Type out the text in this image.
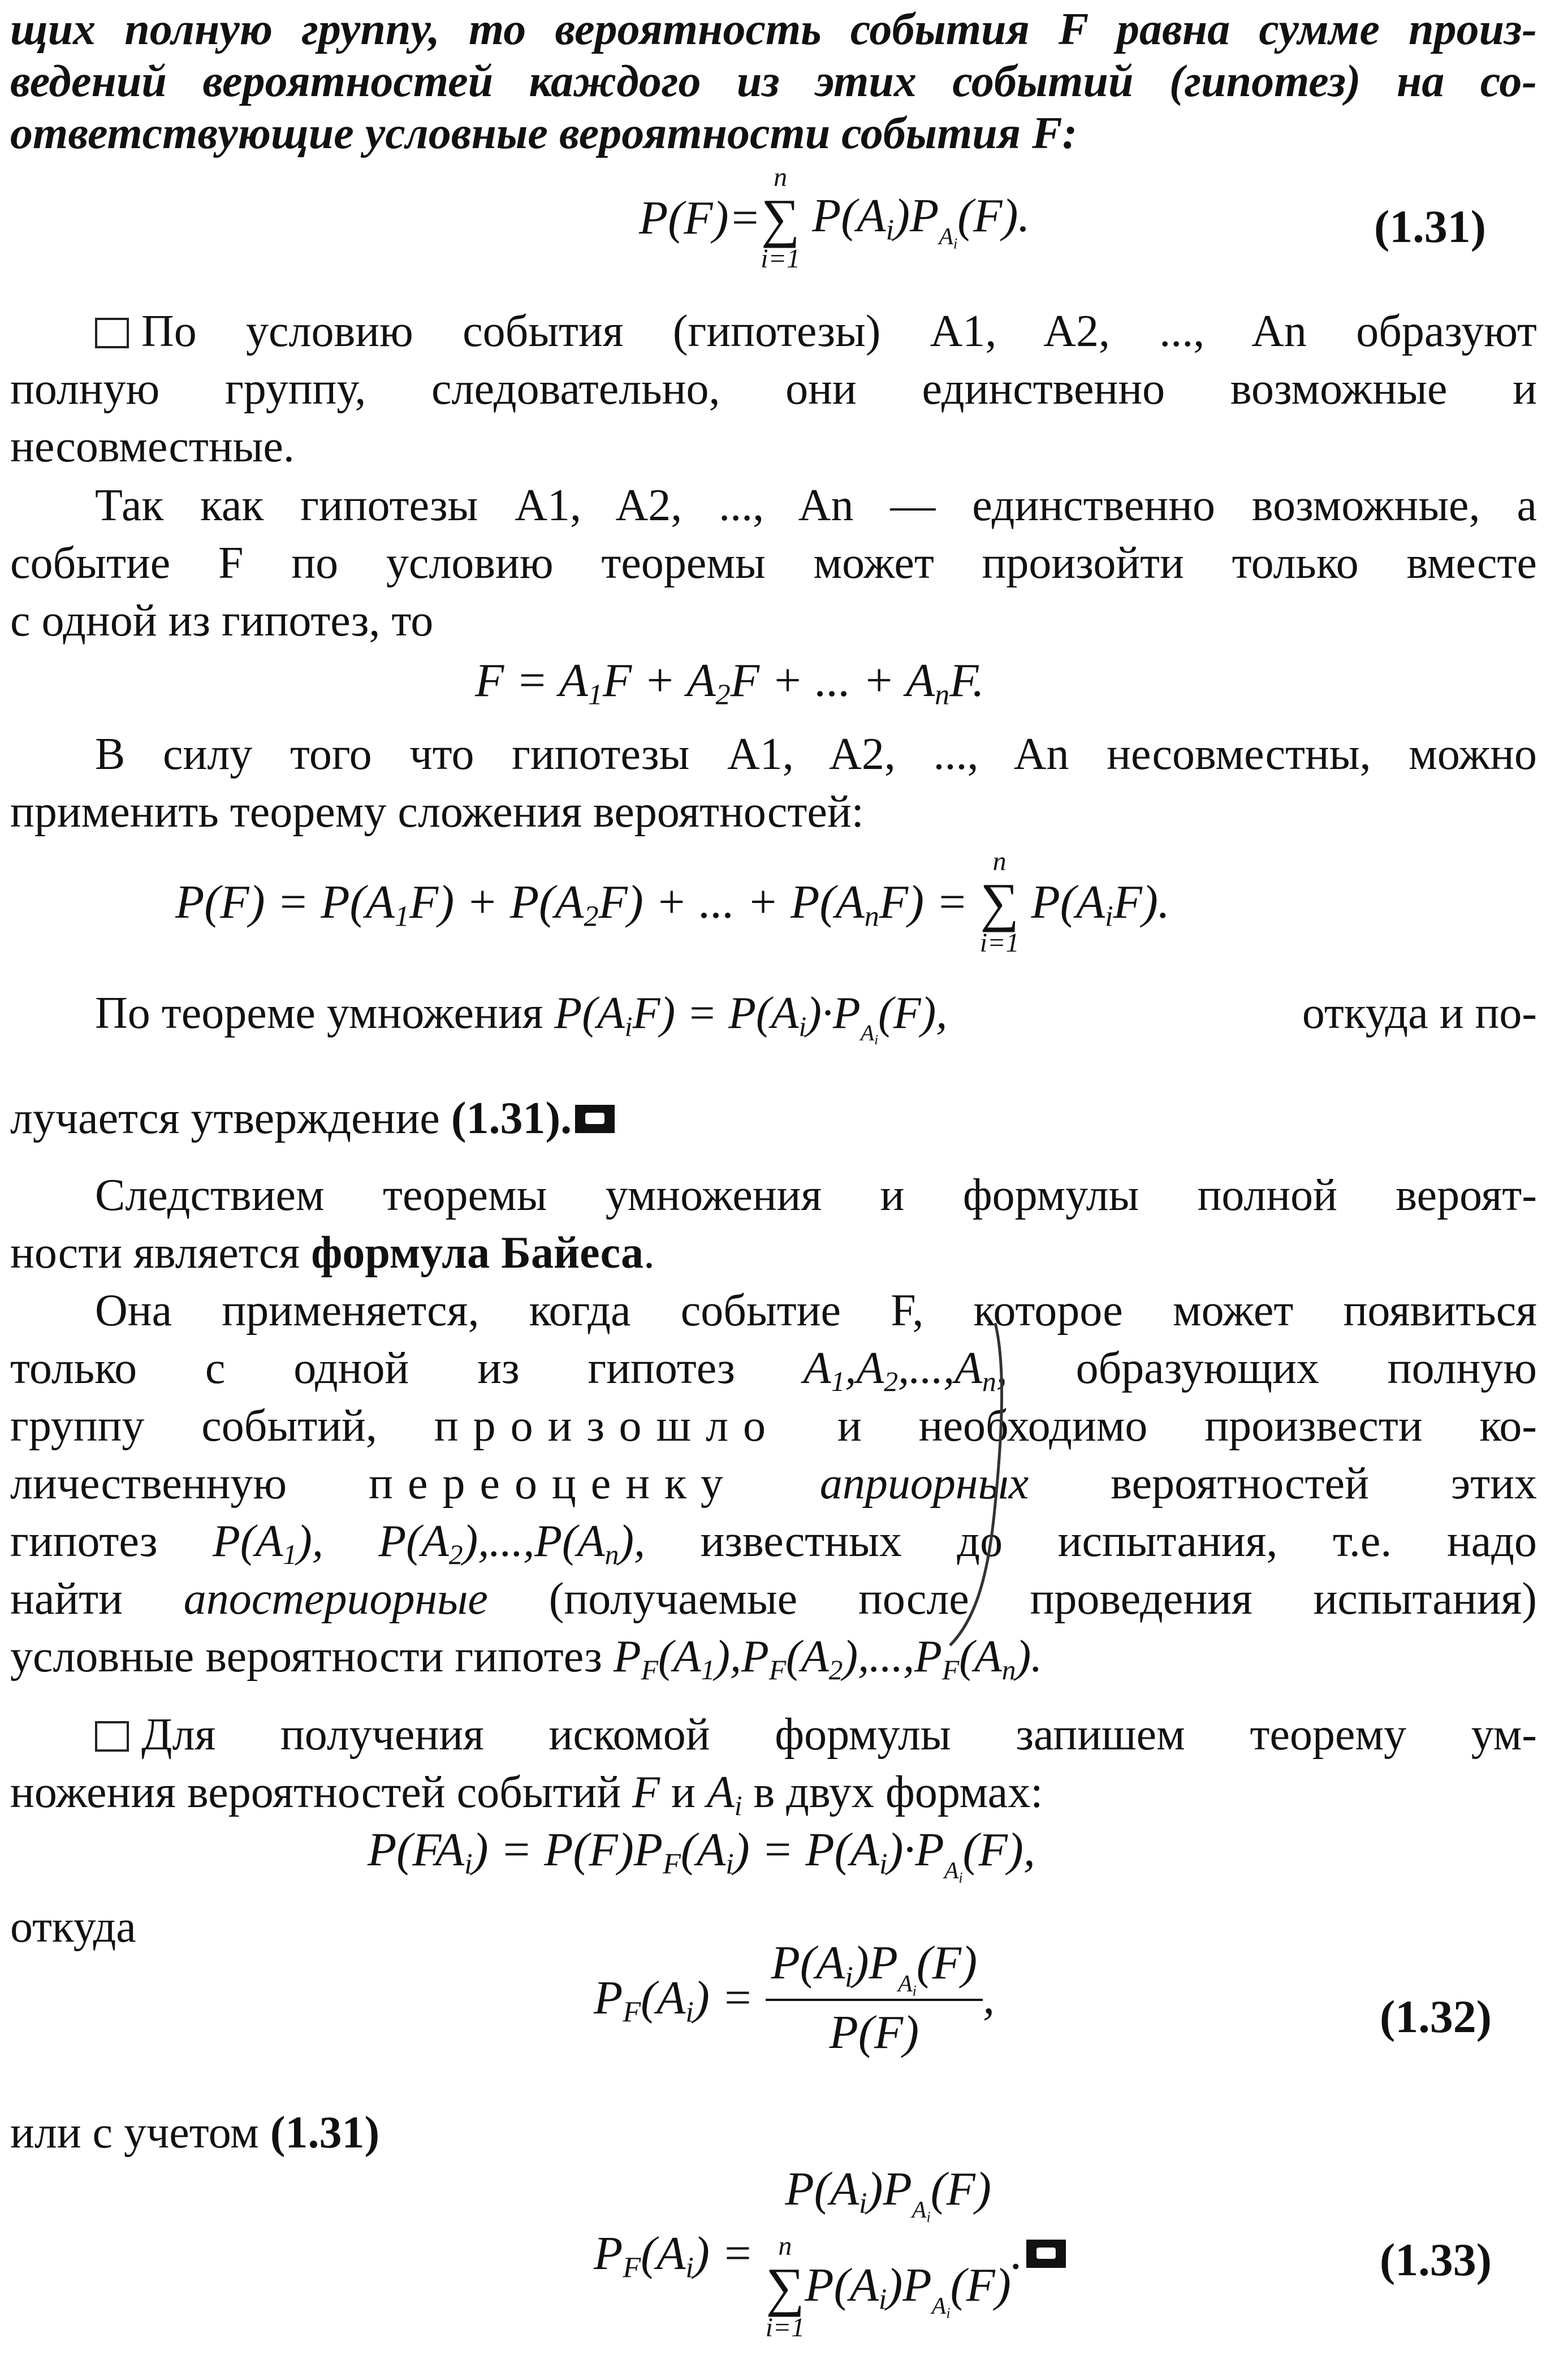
щих полную группу, то вероятность события F равна сумме произ-
ведений вероятностей каждого из этих событий (гипотез) на со-
ответствующие условные вероятности события F:
P(F)=
n
∑
i=1
$P(A_i)P_{A_i}(F)$.	(1.31)
По условию события (гипотезы) A1, A2, ..., An образуют
полную группу, следовательно, они единственно возможные и
несовместные.
Так как гипотезы A1, A2, ..., An — единственно возможные, а
событие F по условию теоремы может произойти только вместе
с одной из гипотез, то
$F = A_1F + A_2F$ + ... + $A_nF$.
В силу того что гипотезы A1, A2, ..., An несовместны, можно
применить теорему сложения вероятностей:
$P(F) = P(A_1F) + P(A_2F)$ + ... + $P(A_nF)$ =
n
∑
i=1
$P(A_iF)$.
По теореме умножения $P(A_iF) = P(A_i)\cdot P_{A_i}(F)$,	откуда и по-
лучается утверждение (1.31).
Следствием теоремы умножения и формулы полной вероят-
ности является формула Байеса.
Она применяется, когда событие F, которое может появиться
только с одной из гипотез $A_1,A_2,...,A_n$, образующих полную
группу событий, произошло и необходимо произвести ко-
личественную переоценку априорных вероятностей этих
гипотез $P(A_1)$, $P(A_2),...,P(A_n)$, известных до испытания, т.е. надо
найти апостериорные (получаемые после проведения испытания)
условные вероятности гипотез $P_F(A_1),P_F(A_2),...,P_F(A_n)$.
Для получения искомой формулы запишем теорему ум-
ножения вероятностей событий F и $A_i$ в двух формах:
$P(FA_i) = P(F)P_F(A_i) = P(A_i)\cdot P_{A_i}(F)$,
откуда
$P_F(A_i) = \frac{P(A_i)P_{A_i}(F)}{P(F)}$ ,	(1.32)
или с учетом (1.31)
$P_F(A_i)$ =
$P(A_i)P_{A_i}(F)$
n
∑
i=1
$P(A_i)P_{A_i}(F)$
.	(1.33)
